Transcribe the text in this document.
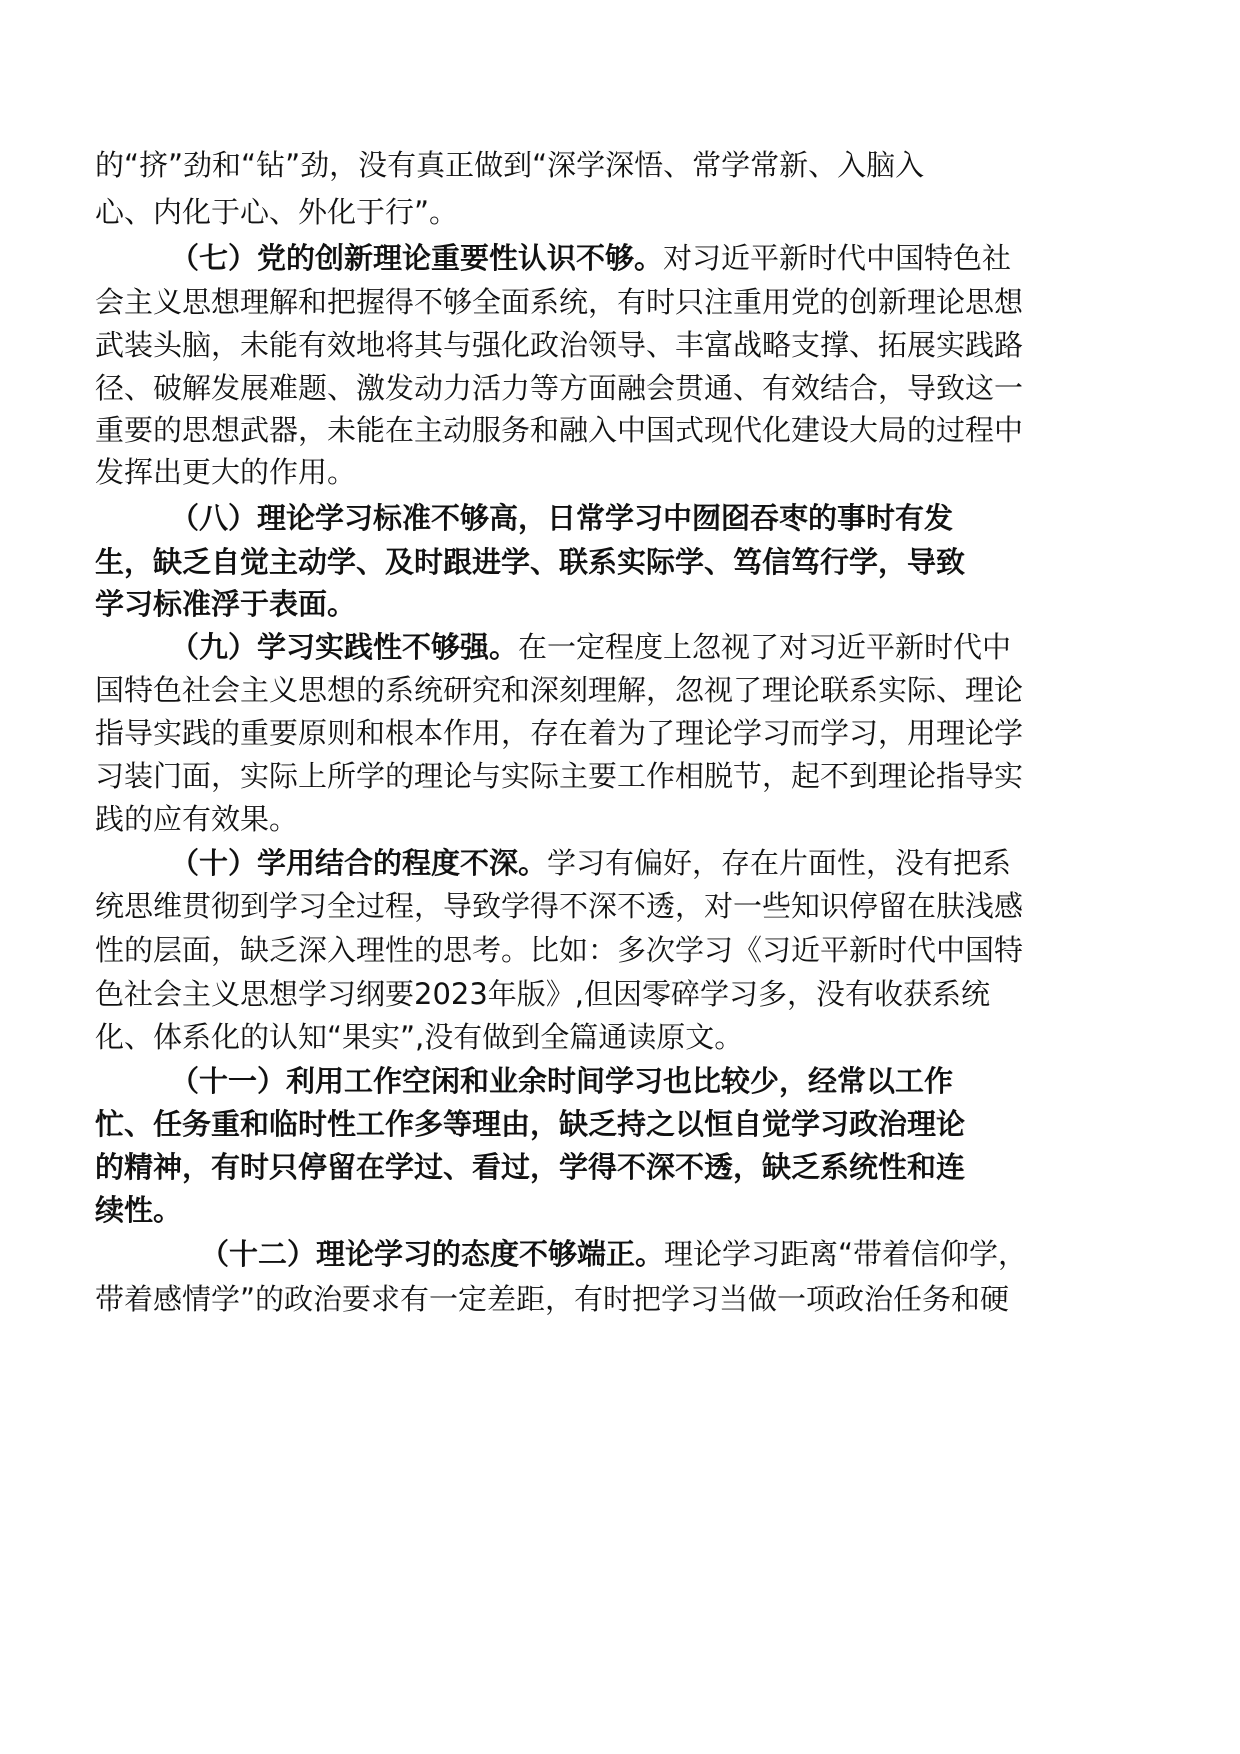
的“挤”劲和“钻”劲，没有真正做到“深学深悟、常学常新、入脑入
心、内化于心、外化于行”。
（七）党的创新理论重要性认识不够。对习近平新时代中国特色社
会主义思想理解和把握得不够全面系统，有时只注重用党的创新理论思想
武装头脑，未能有效地将其与强化政治领导、丰富战略支撑、拓展实践路
径、破解发展难题、激发动力活力等方面融会贯通、有效结合，导致这一
重要的思想武器，未能在主动服务和融入中国式现代化建设大局的过程中
发挥出更大的作用。
（八）理论学习标准不够高，日常学习中囫囵吞枣的事时有发
生，缺乏自觉主动学、及时跟进学、联系实际学、笃信笃行学，导致
学习标准浮于表面。
（九）学习实践性不够强。在一定程度上忽视了对习近平新时代中
国特色社会主义思想的系统研究和深刻理解，忽视了理论联系实际、理论
指导实践的重要原则和根本作用，存在着为了理论学习而学习，用理论学
习装门面，实际上所学的理论与实际主要工作相脱节，起不到理论指导实
践的应有效果。
（十）学用结合的程度不深。学习有偏好，存在片面性，没有把系
统思维贯彻到学习全过程，导致学得不深不透，对一些知识停留在肤浅感
性的层面，缺乏深入理性的思考。比如：多次学习《习近平新时代中国特
色社会主义思想学习纲要2023年版》,但因零碎学习多，没有收获系统
化、体系化的认知“果实”,没有做到全篇通读原文。
（十一）利用工作空闲和业余时间学习也比较少，经常以工作
忙、任务重和临时性工作多等理由，缺乏持之以恒自觉学习政治理论
的精神，有时只停留在学过、看过，学得不深不透，缺乏系统性和连
续性。
（十二）理论学习的态度不够端正。理论学习距离“带着信仰学，
带着感情学”的政治要求有一定差距，有时把学习当做一项政治任务和硬
